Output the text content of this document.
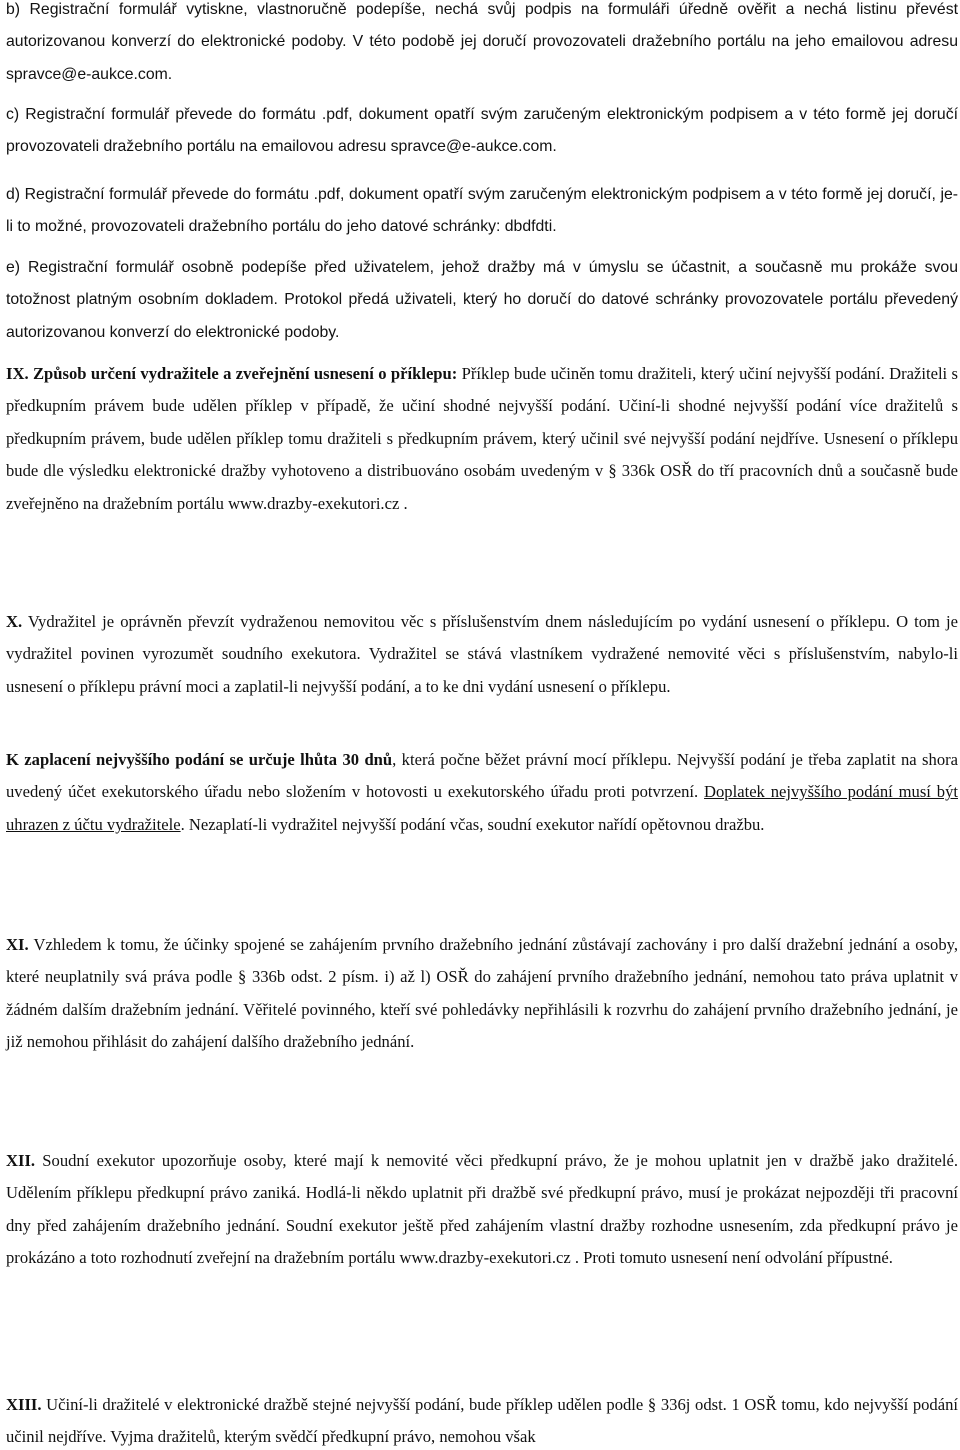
b) Registrační formulář vytiskne, vlastnoručně podepíše, nechá svůj podpis na formuláři úředně ověřit a nechá listinu převést autorizovanou konverzí do elektronické podoby. V této podobě jej doručí provozovateli dražebního portálu na jeho emailovou adresu spravce@e-aukce.com.

c) Registrační formulář převede do formátu .pdf, dokument opatří svým zaručeným elektronickým podpisem a v této formě jej doručí provozovateli dražebního portálu na emailovou adresu spravce@e-aukce.com.

d) Registrační formulář převede do formátu .pdf, dokument opatří svým zaručeným elektronickým podpisem a v této formě jej doručí, je-li to možné, provozovateli dražebního portálu do jeho datové schránky: dbdfdti.

e) Registrační formulář osobně podepíše před uživatelem, jehož dražby má v úmyslu se účastnit, a současně mu prokáže svou totožnost platným osobním dokladem. Protokol předá uživateli, který ho doručí do datové schránky provozovatele portálu převedený autorizovanou konverzí do elektronické podoby.

IX. Způsob určení vydražitele a zveřejnění usnesení o příklepu: Příklep bude učiněn tomu dražiteli, který učiní nejvyšší podání. Dražiteli s předkupním právem bude udělen příklep v případě, že učiní shodné nejvyšší podání. Učiní-li shodné nejvyšší podání více dražitelů s předkupním právem, bude udělen příklep tomu dražiteli s předkupním právem, který učinil své nejvyšší podání nejdříve. Usnesení o příklepu bude dle výsledku elektronické dražby vyhotoveno a distribuováno osobám uvedeným v § 336k OSŘ do tří pracovních dnů a současně bude zveřejněno na dražebním portálu www.drazby-exekutori.cz .

X. Vydražitel je oprávněn převzít vydraženou nemovitou věc s příslušenstvím dnem následujícím po vydání usnesení o příklepu. O tom je vydražitel povinen vyrozumět soudního exekutora. Vydražitel se stává vlastníkem vydražené nemovité věci s příslušenstvím, nabylo-li usnesení o příklepu právní moci a zaplatil-li nejvyšší podání, a to ke dni vydání usnesení o příklepu.

K zaplacení nejvyššího podání se určuje lhůta 30 dnů, která počne běžet právní mocí příklepu. Nejvyšší podání je třeba zaplatit na shora uvedený účet exekutorského úřadu nebo složením v hotovosti u exekutorského úřadu proti potvrzení. Doplatek nejvyššího podání musí být uhrazen z účtu vydražitele. Nezaplatí-li vydražitel nejvyšší podání včas, soudní exekutor nařídí opětovnou dražbu.

XI. Vzhledem k tomu, že účinky spojené se zahájením prvního dražebního jednání zůstávají zachovány i pro další dražební jednání a osoby, které neuplatnily svá práva podle § 336b odst. 2 písm. i) až l) OSŘ do zahájení prvního dražebního jednání, nemohou tato práva uplatnit v žádném dalším dražebním jednání. Věřitelé povinného, kteří své pohledávky nepřihlásili k rozvrhu do zahájení prvního dražebního jednání, je již nemohou přihlásit do zahájení dalšího dražebního jednání.

XII. Soudní exekutor upozorňuje osoby, které mají k nemovité věci předkupní právo, že je mohou uplatnit jen v dražbě jako dražitelé. Udělením příklepu předkupní právo zaniká. Hodlá-li někdo uplatnit při dražbě své předkupní právo, musí je prokázat nejpozději tři pracovní dny před zahájením dražebního jednání. Soudní exekutor ještě před zahájením vlastní dražby rozhodne usnesením, zda předkupní právo je prokázáno a toto rozhodnutí zveřejní na dražebním portálu www.drazby-exekutori.cz . Proti tomuto usnesení není odvolání přípustné.

XIII. Učiní-li dražitelé v elektronické dražbě stejné nejvyšší podání, bude příklep udělen podle § 336j odst. 1 OSŘ tomu, kdo nejvyšší podání učinil nejdříve. Vyjma dražitelů, kterým svědčí předkupní právo, nemohou však
